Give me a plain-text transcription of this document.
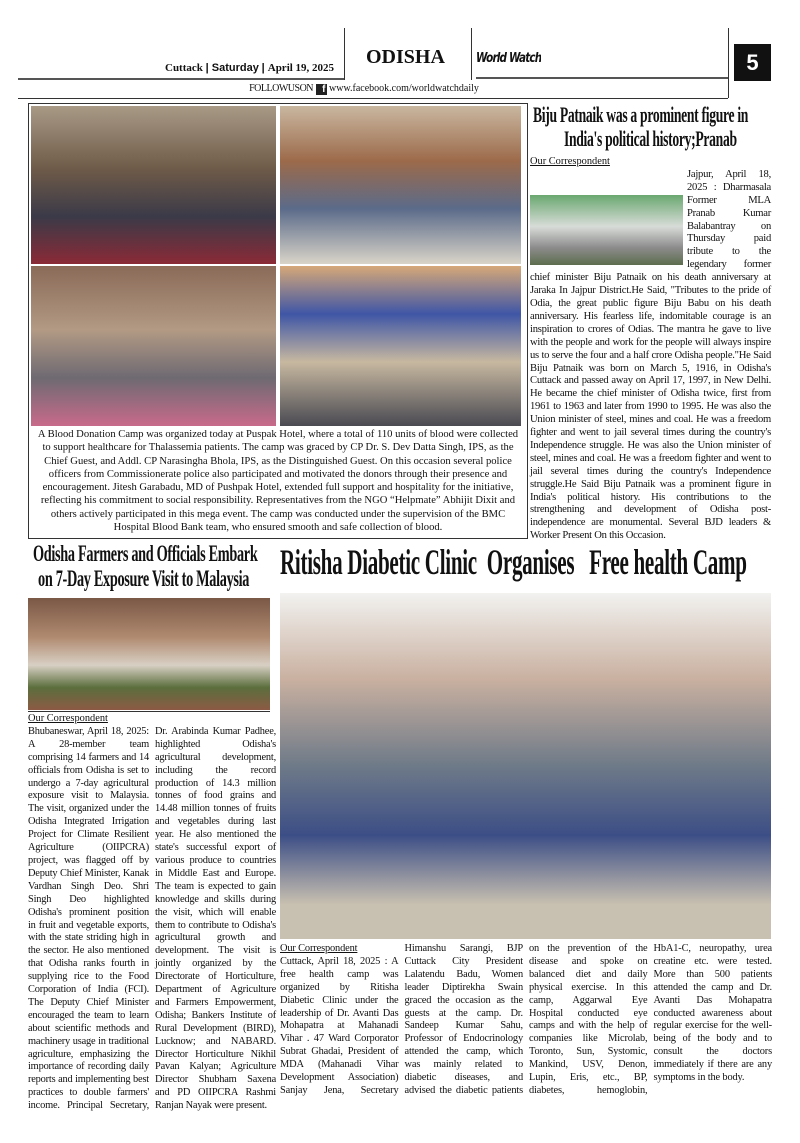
Cuttack | Saturday | April 19, 2025 ODISHA World Watch	5
FOLLOWUSON f www.facebook.com/worldwatchdaily
A Blood Donation Camp was organized today at Puspak Hotel, where a total of 110 units of blood were collected to support healthcare for Thalassemia patients. The camp was graced by CP Dr. S. Dev Datta Singh, IPS, as the Chief Guest, and Addl. CP Narasingha Bhola, IPS, as the Distinguished Guest. On this occasion several police officers from Commissionerate police also participated and motivated the donors through their presence and encouragement. Jitesh Garabadu, MD of Pushpak Hotel, extended full support and hospitality for the initiative, reflecting his commitment to social responsibility. Representatives from the NGO “Helpmate” Abhijit Dixit and others actively participated in this mega event. The camp was conducted under the supervision of the BMC Hospital Blood Bank team, who ensured smooth and safe collection of blood.
Biju Patnaik was a prominent figure in
India's political history;Pranab
Our Correspondent
Jajpur, April 18, 2025 : Dharmasala Former MLA Pranab Kumar Balabantray on Thursday paid tribute to the legendary former chief minister Biju Patnaik on his death anniversary at Jaraka In Jajpur District.He Said, "Tributes to the pride of Odia, the great public figure Biju Babu on his death anniversary. His fearless life, indomitable courage is an inspiration to crores of Odias. The mantra he gave to live with the people and work for the people will always inspire us to serve the four and a half crore Odisha people."He Said Biju Patnaik was born on March 5, 1916, in Odisha's Cuttack and passed away on April 17, 1997, in New Delhi. He became the chief minister of Odisha twice, first from 1961 to 1963 and later from 1990 to 1995. He was also the Union minister of steel, mines and coal. He was a freedom fighter and went to jail several times during the country's Independence struggle. He was also the Union minister of steel, mines and coal. He was a freedom fighter and went to jail several times during the country's Independence struggle.He Said Biju Patnaik was a prominent figure in India's political history. His contributions to the strengthening and development of Odisha post-independence are monumental. Several BJD leaders & Worker Present On this Occasion.
Odisha Farmers and Officials Embark
on 7-Day Exposure Visit to Malaysia
Our Correspondent
Bhubaneswar, April 18, 2025: A 28-member team comprising 14 farmers and 14 officials from Odisha is set to undergo a 7-day agricultural exposure visit to Malaysia. The visit, organized under the Odisha Integrated Irrigation Project for Climate Resilient Agriculture (OIIPCRA) project, was flagged off by Deputy Chief Minister, Kanak Vardhan Singh Deo. Shri Singh Deo highlighted Odisha's prominent position in fruit and vegetable exports, with the state striding high in the sector. He also mentioned that Odisha ranks fourth in supplying rice to the Food Corporation of India (FCI). The Deputy Chief Minister encouraged the team to learn about scientific methods and machinery usage in traditional agriculture, emphasizing the importance of recording daily reports and implementing best practices to double farmers' income. Principal Secretary, Dr. Arabinda Kumar Padhee, highlighted Odisha's agricultural development, including the record production of 14.3 million tonnes of food grains and 14.48 million tonnes of fruits and vegetables during last year. He also mentioned the state's successful export of various produce to countries in Middle East and Europe. The team is expected to gain knowledge and skills during the visit, which will enable them to contribute to Odisha's agricultural growth and development. The visit is jointly organized by the Directorate of Horticulture, Department of Agriculture and Farmers Empowerment, Odisha; Bankers Institute of Rural Development (BIRD), Lucknow; and NABARD. Director Horticulture Nikhil Pavan Kalyan; Agriculture Director Shubham Saxena and PD OIIPCRA Rashmi Ranjan Nayak were present.
Ritisha Diabetic Clinic  Organises   Free health Camp
Our Correspondent
Cuttack, April 18, 2025 : A free health camp was organized by Ritisha Diabetic Clinic under the leadership of Dr. Avanti Das Mohapatra at Mahanadi Vihar . 47 Ward Corporator Subrat Ghadai, President of MDA (Mahanadi Vihar Development Association) Sanjay Jena, Secretary Himanshu Sarangi, BJP Cuttack City President Lalatendu Badu, Women leader Diptirekha Swain graced the occasion as the guests at the camp. Dr. Sandeep Kumar Sahu, Professor of Endocrinology attended the camp, which was mainly related to diabetic diseases, and advised the diabetic patients on the prevention of the disease and spoke on balanced diet and daily physical exercise. In this camp, Aggarwal Eye Hospital conducted eye camps and with the help of companies like Microlab, Toronto, Sun, Systomic, Mankind, USV, Denon, Lupin, Eris, etc., BP, diabetes, hemoglobin, HbA1-C, neuropathy, urea creatine etc. were tested. More than 500 patients attended the camp and Dr. Avanti Das Mohapatra conducted awareness about regular exercise for the well-being of the body and to consult the doctors immediately if there are any symptoms in the body.
